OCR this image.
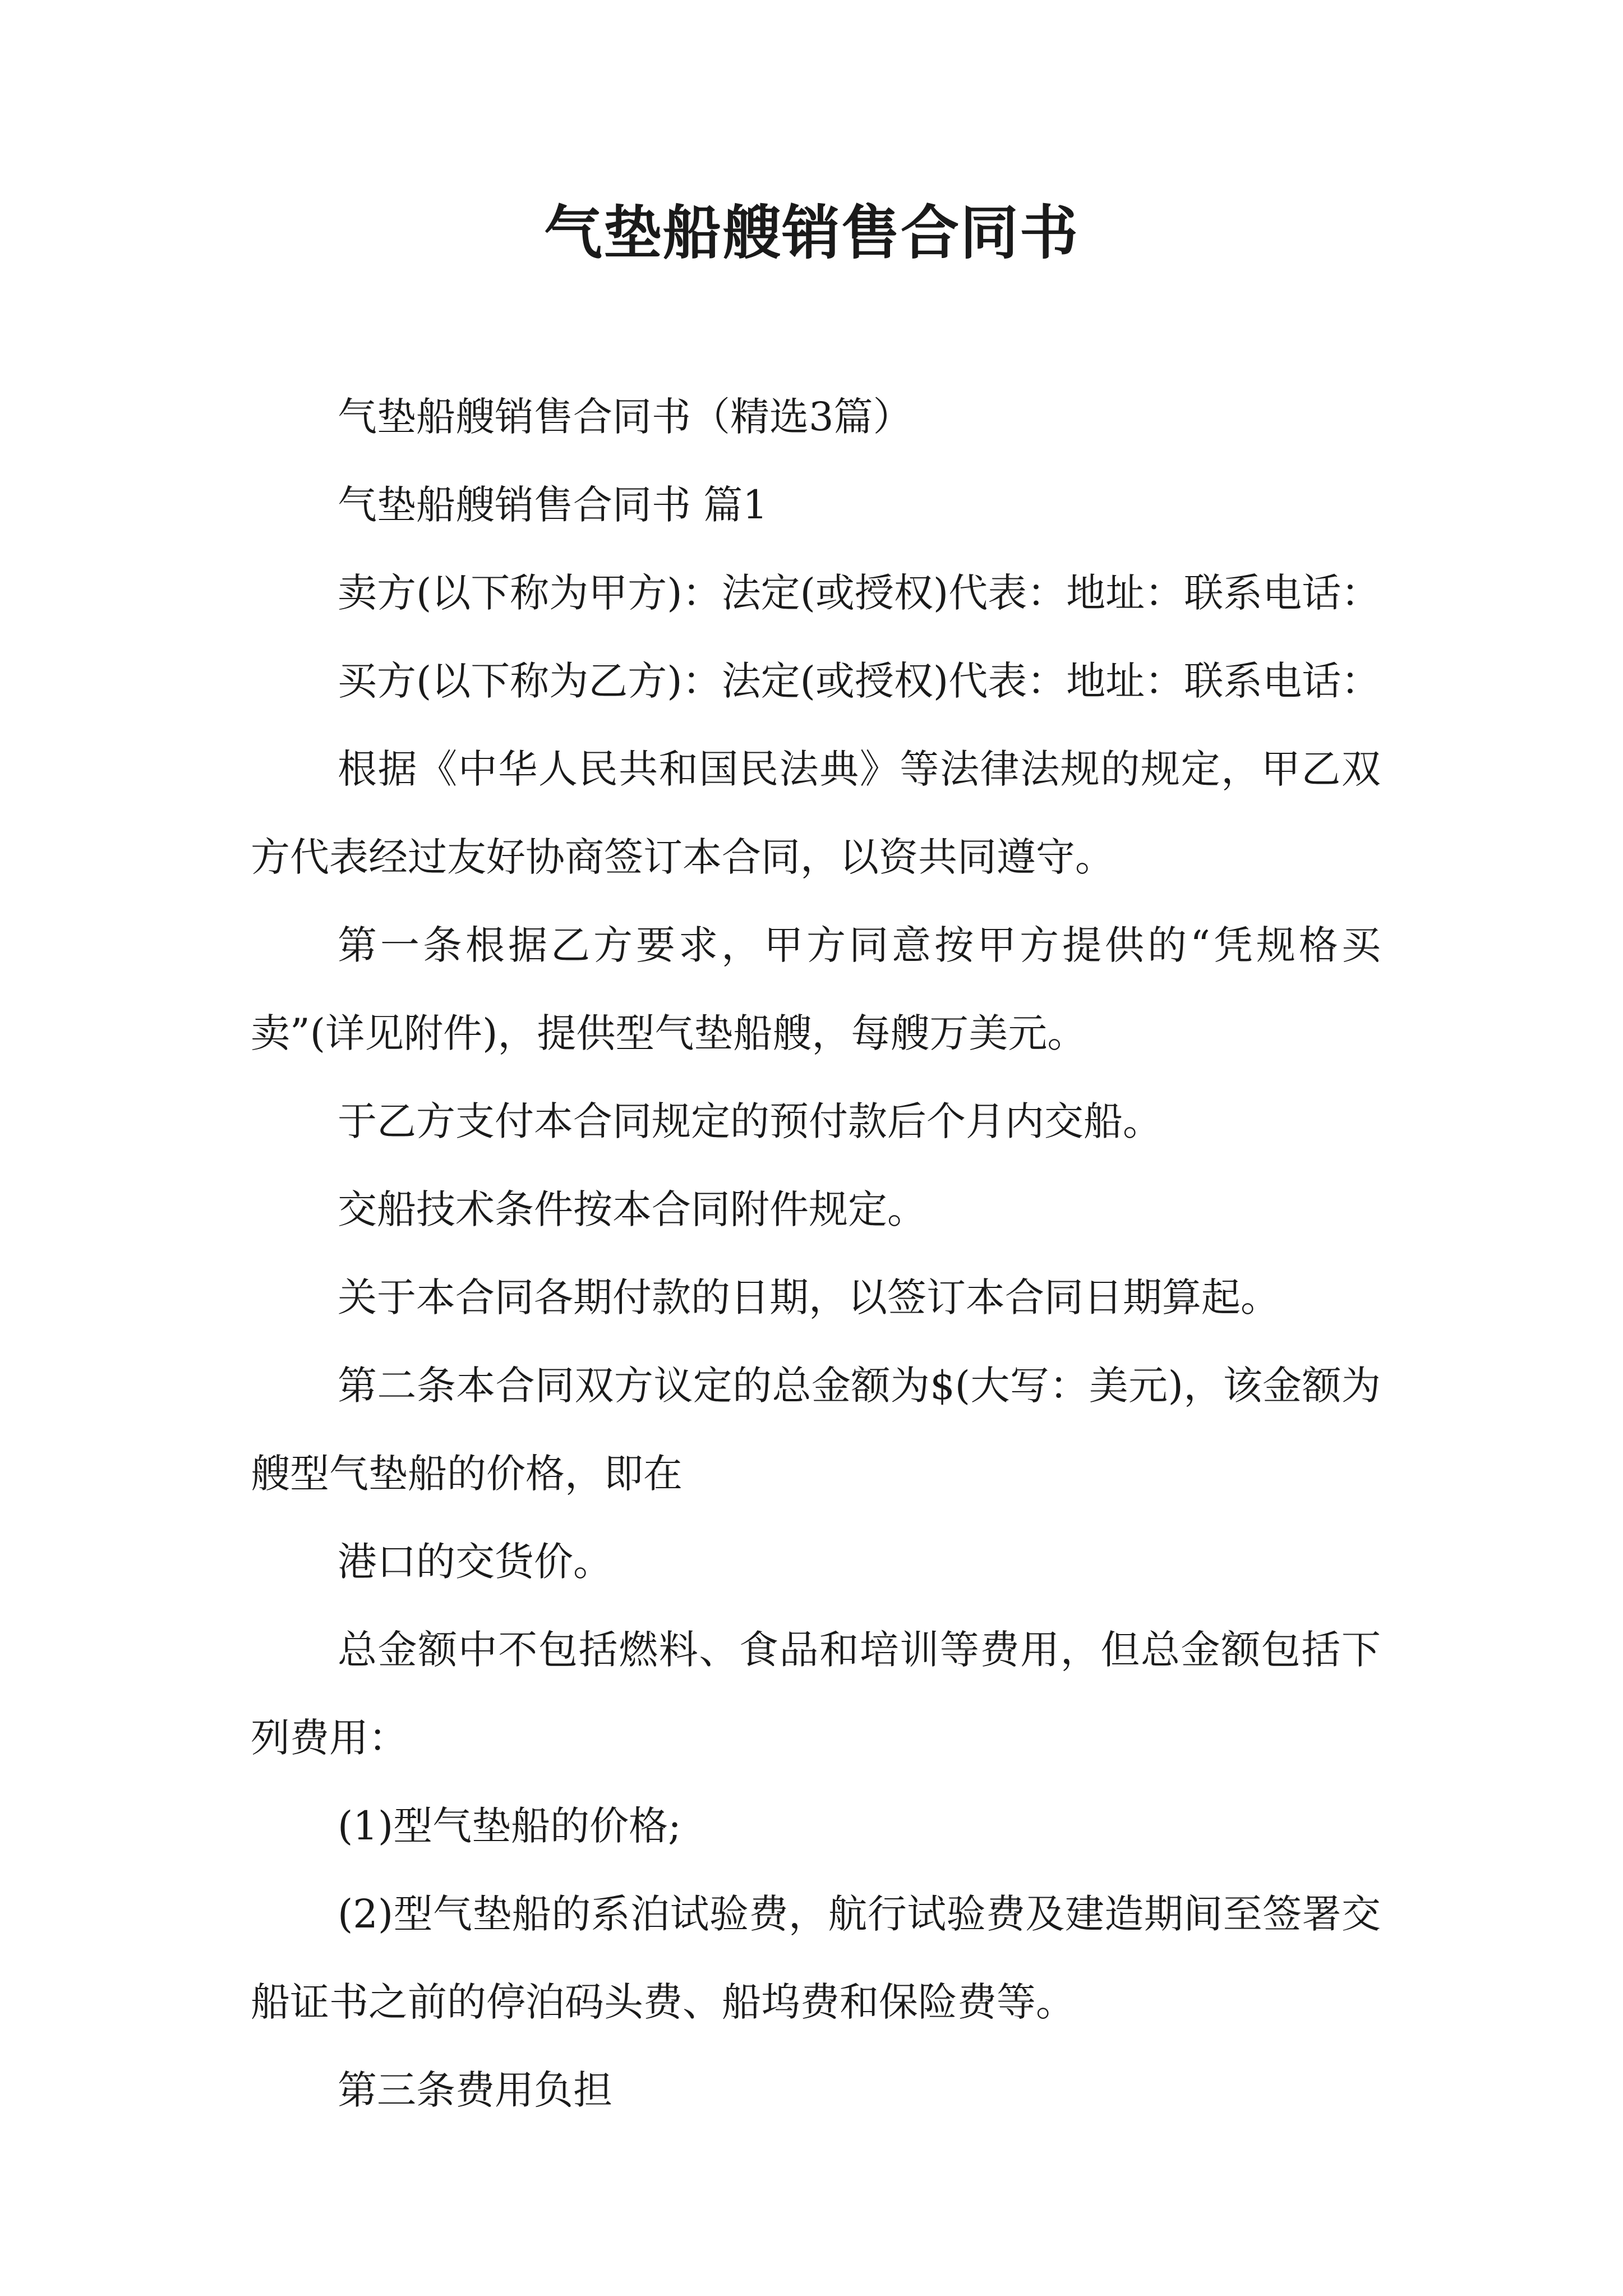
气垫船艘销售合同书

气垫船艘销售合同书（精选3篇）

气垫船艘销售合同书 篇1

卖方(以下称为甲方)：法定(或授权)代表：地址：联系电话：

买方(以下称为乙方)：法定(或授权)代表：地址：联系电话：

根据《中华人民共和国民法典》等法律法规的规定，甲乙双方代表经过友好协商签订本合同，以资共同遵守。

第一条根据乙方要求，甲方同意按甲方提供的“凭规格买卖”(详见附件)，提供型气垫船艘，每艘万美元。

于乙方支付本合同规定的预付款后个月内交船。

交船技术条件按本合同附件规定。

关于本合同各期付款的日期，以签订本合同日期算起。

第二条本合同双方议定的总金额为$(大写：美元)，该金额为艘型气垫船的价格，即在

港口的交货价。

总金额中不包括燃料、食品和培训等费用，但总金额包括下列费用：

(1)型气垫船的价格;

(2)型气垫船的系泊试验费，航行试验费及建造期间至签署交船证书之前的停泊码头费、船坞费和保险费等。

第三条费用负担
